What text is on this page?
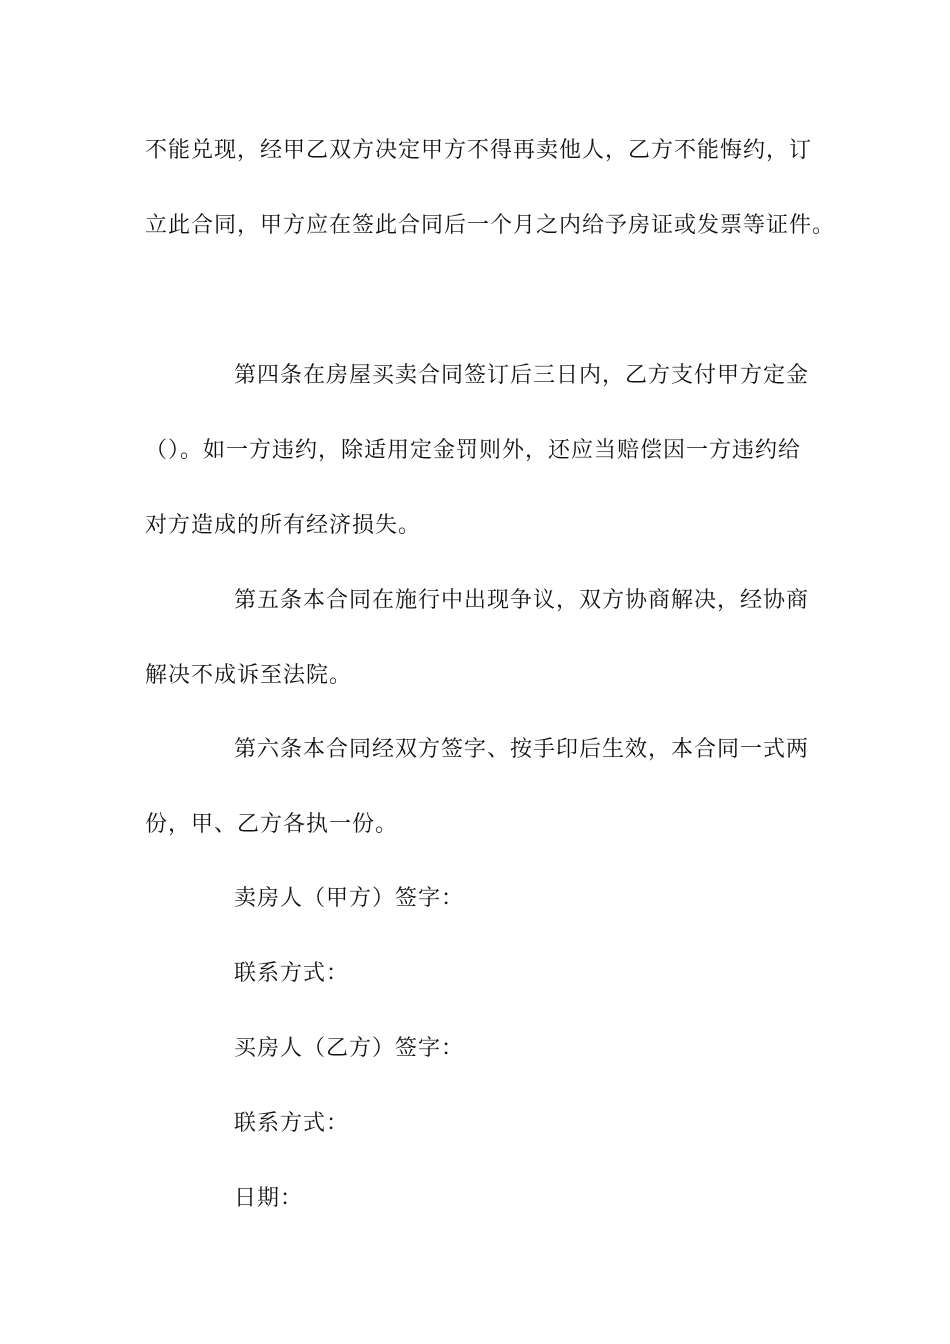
不能兑现，经甲乙双方决定甲方不得再卖他人，乙方不能悔约，订
立此合同，甲方应在签此合同后一个月之内给予房证或发票等证件。
第四条在房屋买卖合同签订后三日内，乙方支付甲方定金
（）。如一方违约，除适用定金罚则外，还应当赔偿因一方违约给
对方造成的所有经济损失。
第五条本合同在施行中出现争议，双方协商解决，经协商
解决不成诉至法院。
第六条本合同经双方签字、按手印后生效，本合同一式两
份，甲、乙方各执一份。
卖房人（甲方）签字：
联系方式：
买房人（乙方）签字：
联系方式：
日期：
